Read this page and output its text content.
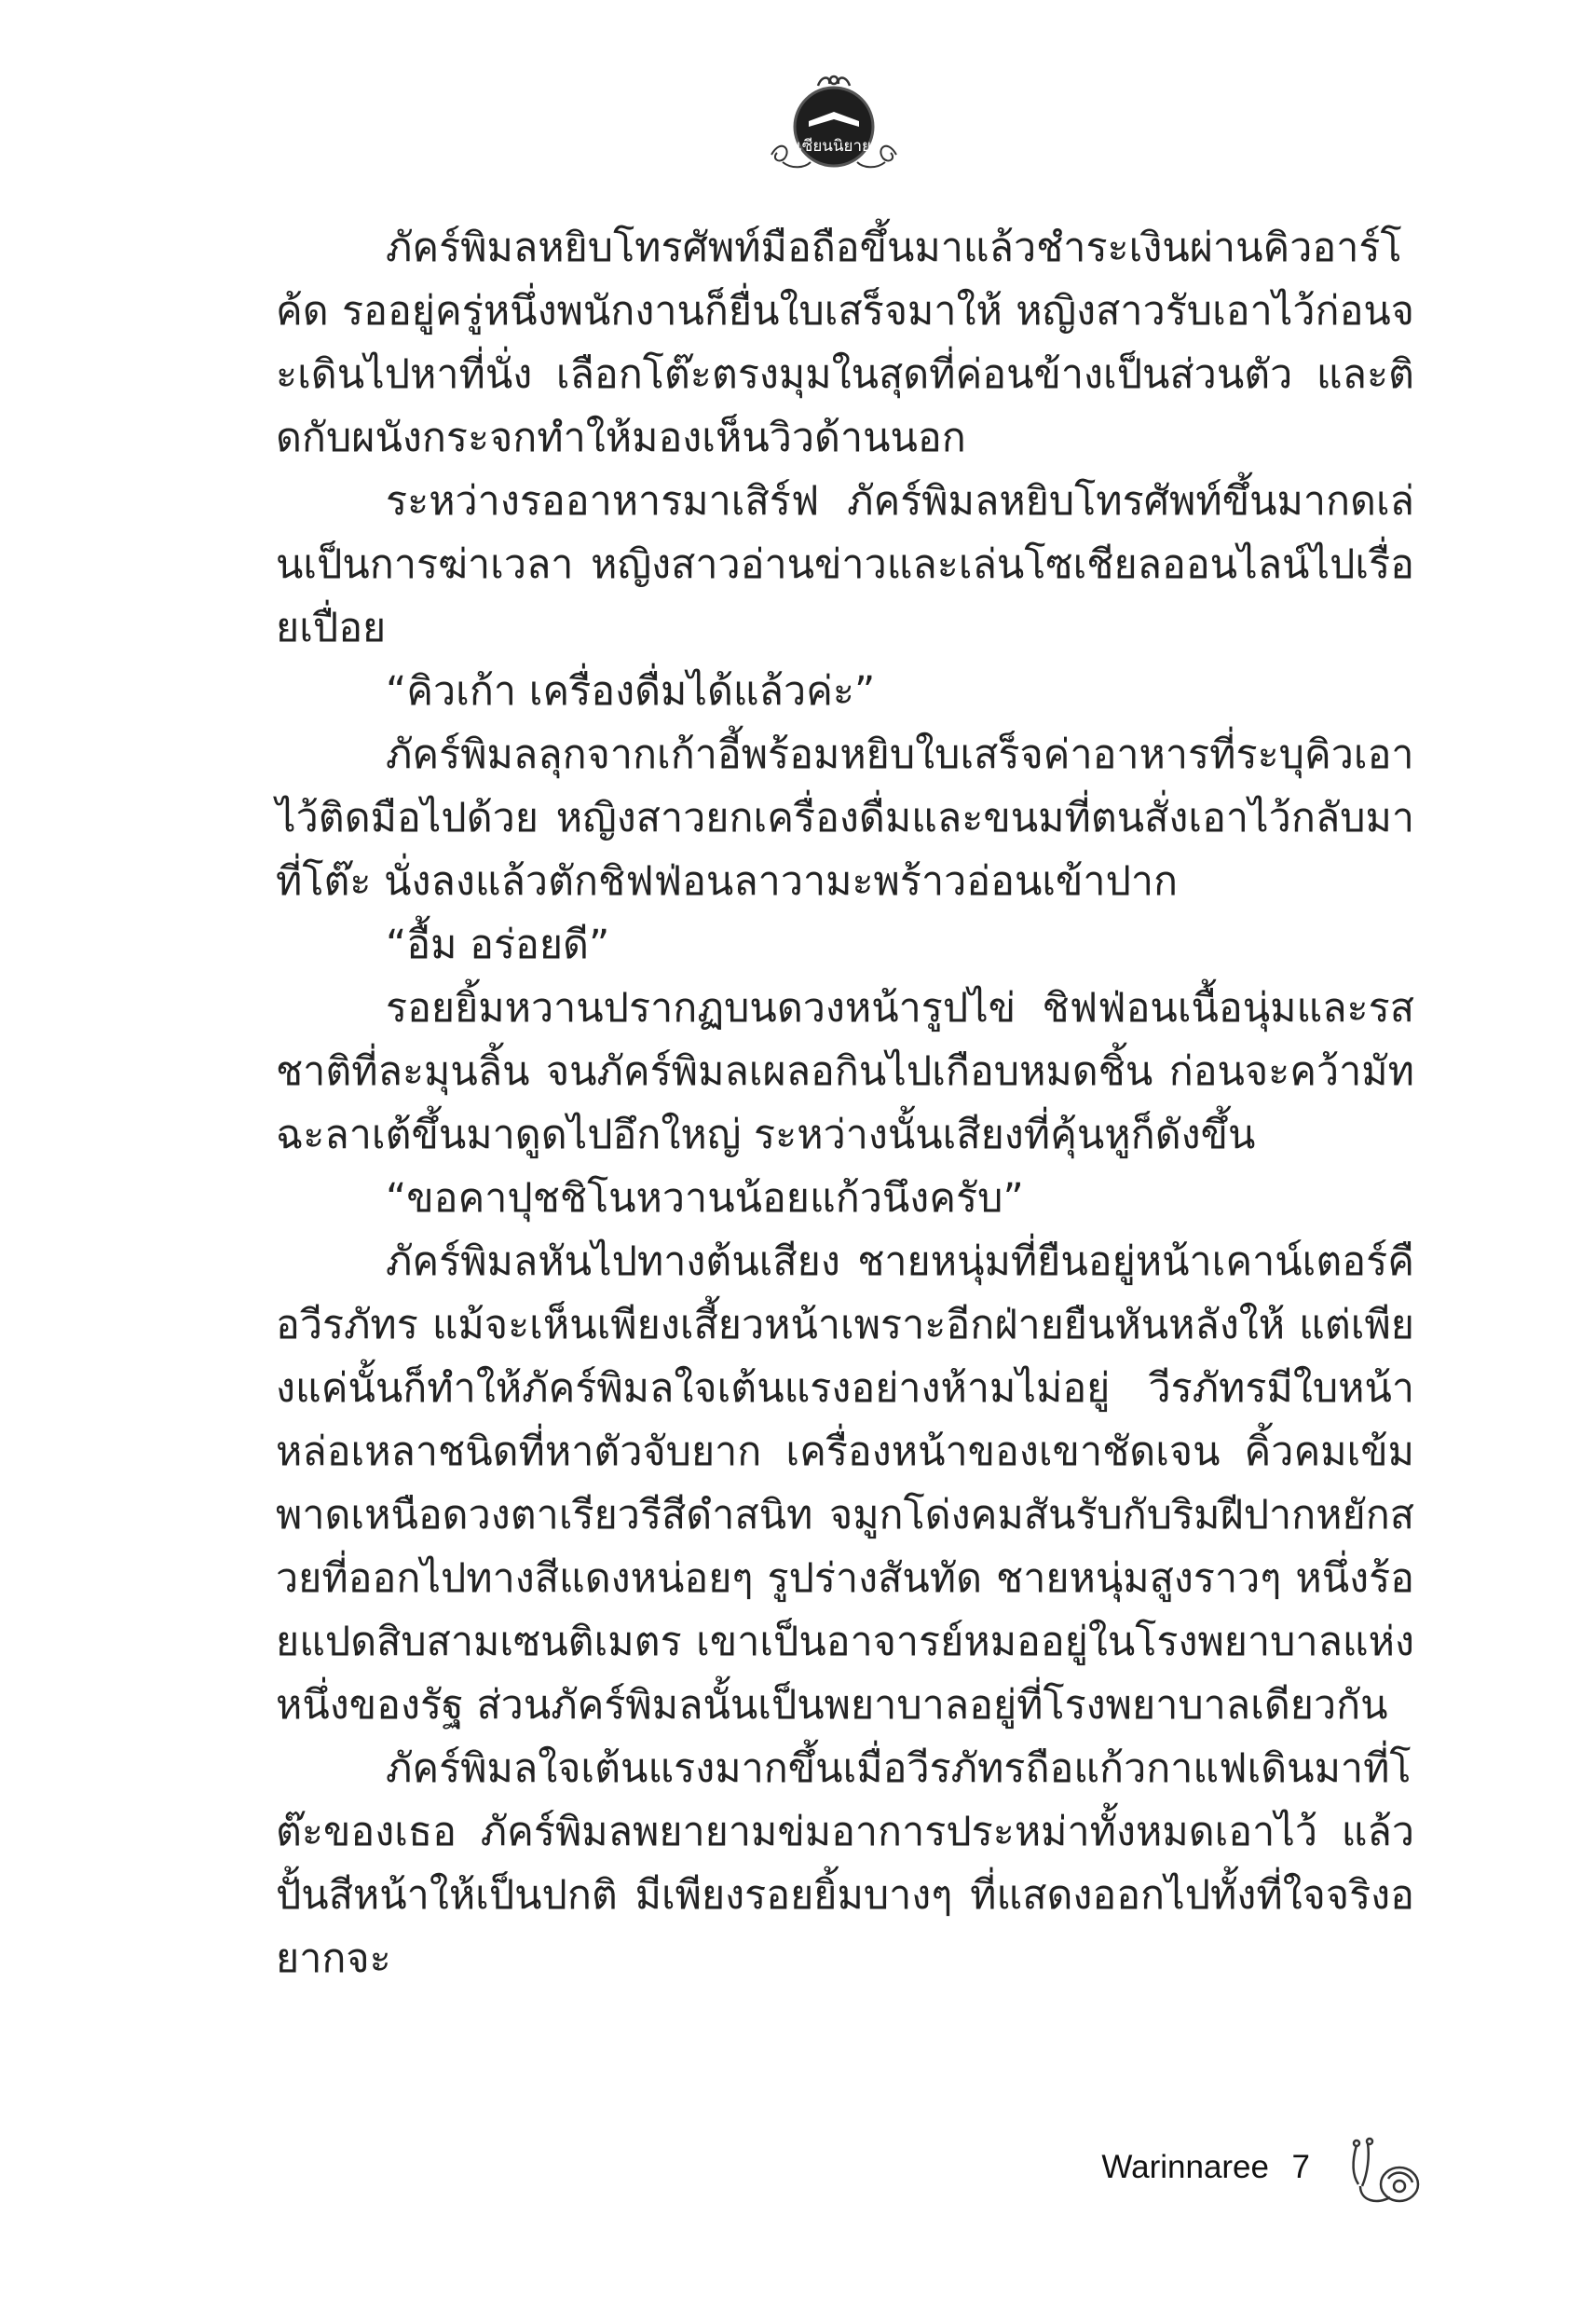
เซียนนิยาย

ภัคร์พิมลหยิบโทรศัพท์มือถือขึ้นมาแล้วชำระเงินผ่านคิวอาร์โค้ด รออยู่ครู่หนึ่งพนักงานก็ยื่นใบเสร็จมาให้ หญิงสาวรับเอาไว้ก่อนจะเดินไปหาที่นั่ง เลือกโต๊ะตรงมุมในสุดที่ค่อนข้างเป็นส่วนตัว และติดกับผนังกระจกทำให้มองเห็นวิวด้านนอก

ระหว่างรออาหารมาเสิร์ฟ ภัคร์พิมลหยิบโทรศัพท์ขึ้นมากดเล่นเป็นการฆ่าเวลา หญิงสาวอ่านข่าวและเล่นโซเชียลออนไลน์ไปเรื่อยเปื่อย

“คิวเก้า เครื่องดื่มได้แล้วค่ะ”

ภัคร์พิมลลุกจากเก้าอี้พร้อมหยิบใบเสร็จค่าอาหารที่ระบุคิวเอาไว้ติดมือไปด้วย หญิงสาวยกเครื่องดื่มและขนมที่ตนสั่งเอาไว้กลับมาที่โต๊ะ นั่งลงแล้วตักชิฟฟ่อนลาวามะพร้าวอ่อนเข้าปาก

“อื้ม อร่อยดี”

รอยยิ้มหวานปรากฏบนดวงหน้ารูปไข่ ชิฟฟ่อนเนื้อนุ่มและรสชาติที่ละมุนลิ้น จนภัคร์พิมลเผลอกินไปเกือบหมดชิ้น ก่อนจะคว้ามัทฉะลาเต้ขึ้นมาดูดไปอึกใหญ่ ระหว่างนั้นเสียงที่คุ้นหูก็ดังขึ้น

“ขอคาปุชชิโนหวานน้อยแก้วนึงครับ”

ภัคร์พิมลหันไปทางต้นเสียง ชายหนุ่มที่ยืนอยู่หน้าเคาน์เตอร์คือวีรภัทร แม้จะเห็นเพียงเสี้ยวหน้าเพราะอีกฝ่ายยืนหันหลังให้ แต่เพียงแค่นั้นก็ทำให้ภัคร์พิมลใจเต้นแรงอย่างห้ามไม่อยู่ วีรภัทรมีใบหน้าหล่อเหลาชนิดที่หาตัวจับยาก เครื่องหน้าของเขาชัดเจน คิ้วคมเข้มพาดเหนือดวงตาเรียวรีสีดำสนิท จมูกโด่งคมสันรับกับริมฝีปากหยักสวยที่ออกไปทางสีแดงหน่อยๆ รูปร่างสันทัด ชายหนุ่มสูงราวๆ หนึ่งร้อยแปดสิบสามเซนติเมตร เขาเป็นอาจารย์หมออยู่ในโรงพยาบาลแห่งหนึ่งของรัฐ ส่วนภัคร์พิมลนั้นเป็นพยาบาลอยู่ที่โรงพยาบาลเดียวกัน

ภัคร์พิมลใจเต้นแรงมากขึ้นเมื่อวีรภัทรถือแก้วกาแฟเดินมาที่โต๊ะของเธอ ภัคร์พิมลพยายามข่มอาการประหม่าทั้งหมดเอาไว้ แล้วปั้นสีหน้าให้เป็นปกติ มีเพียงรอยยิ้มบางๆ ที่แสดงออกไปทั้งที่ใจจริงอยากจะ

Warinnaree 7
